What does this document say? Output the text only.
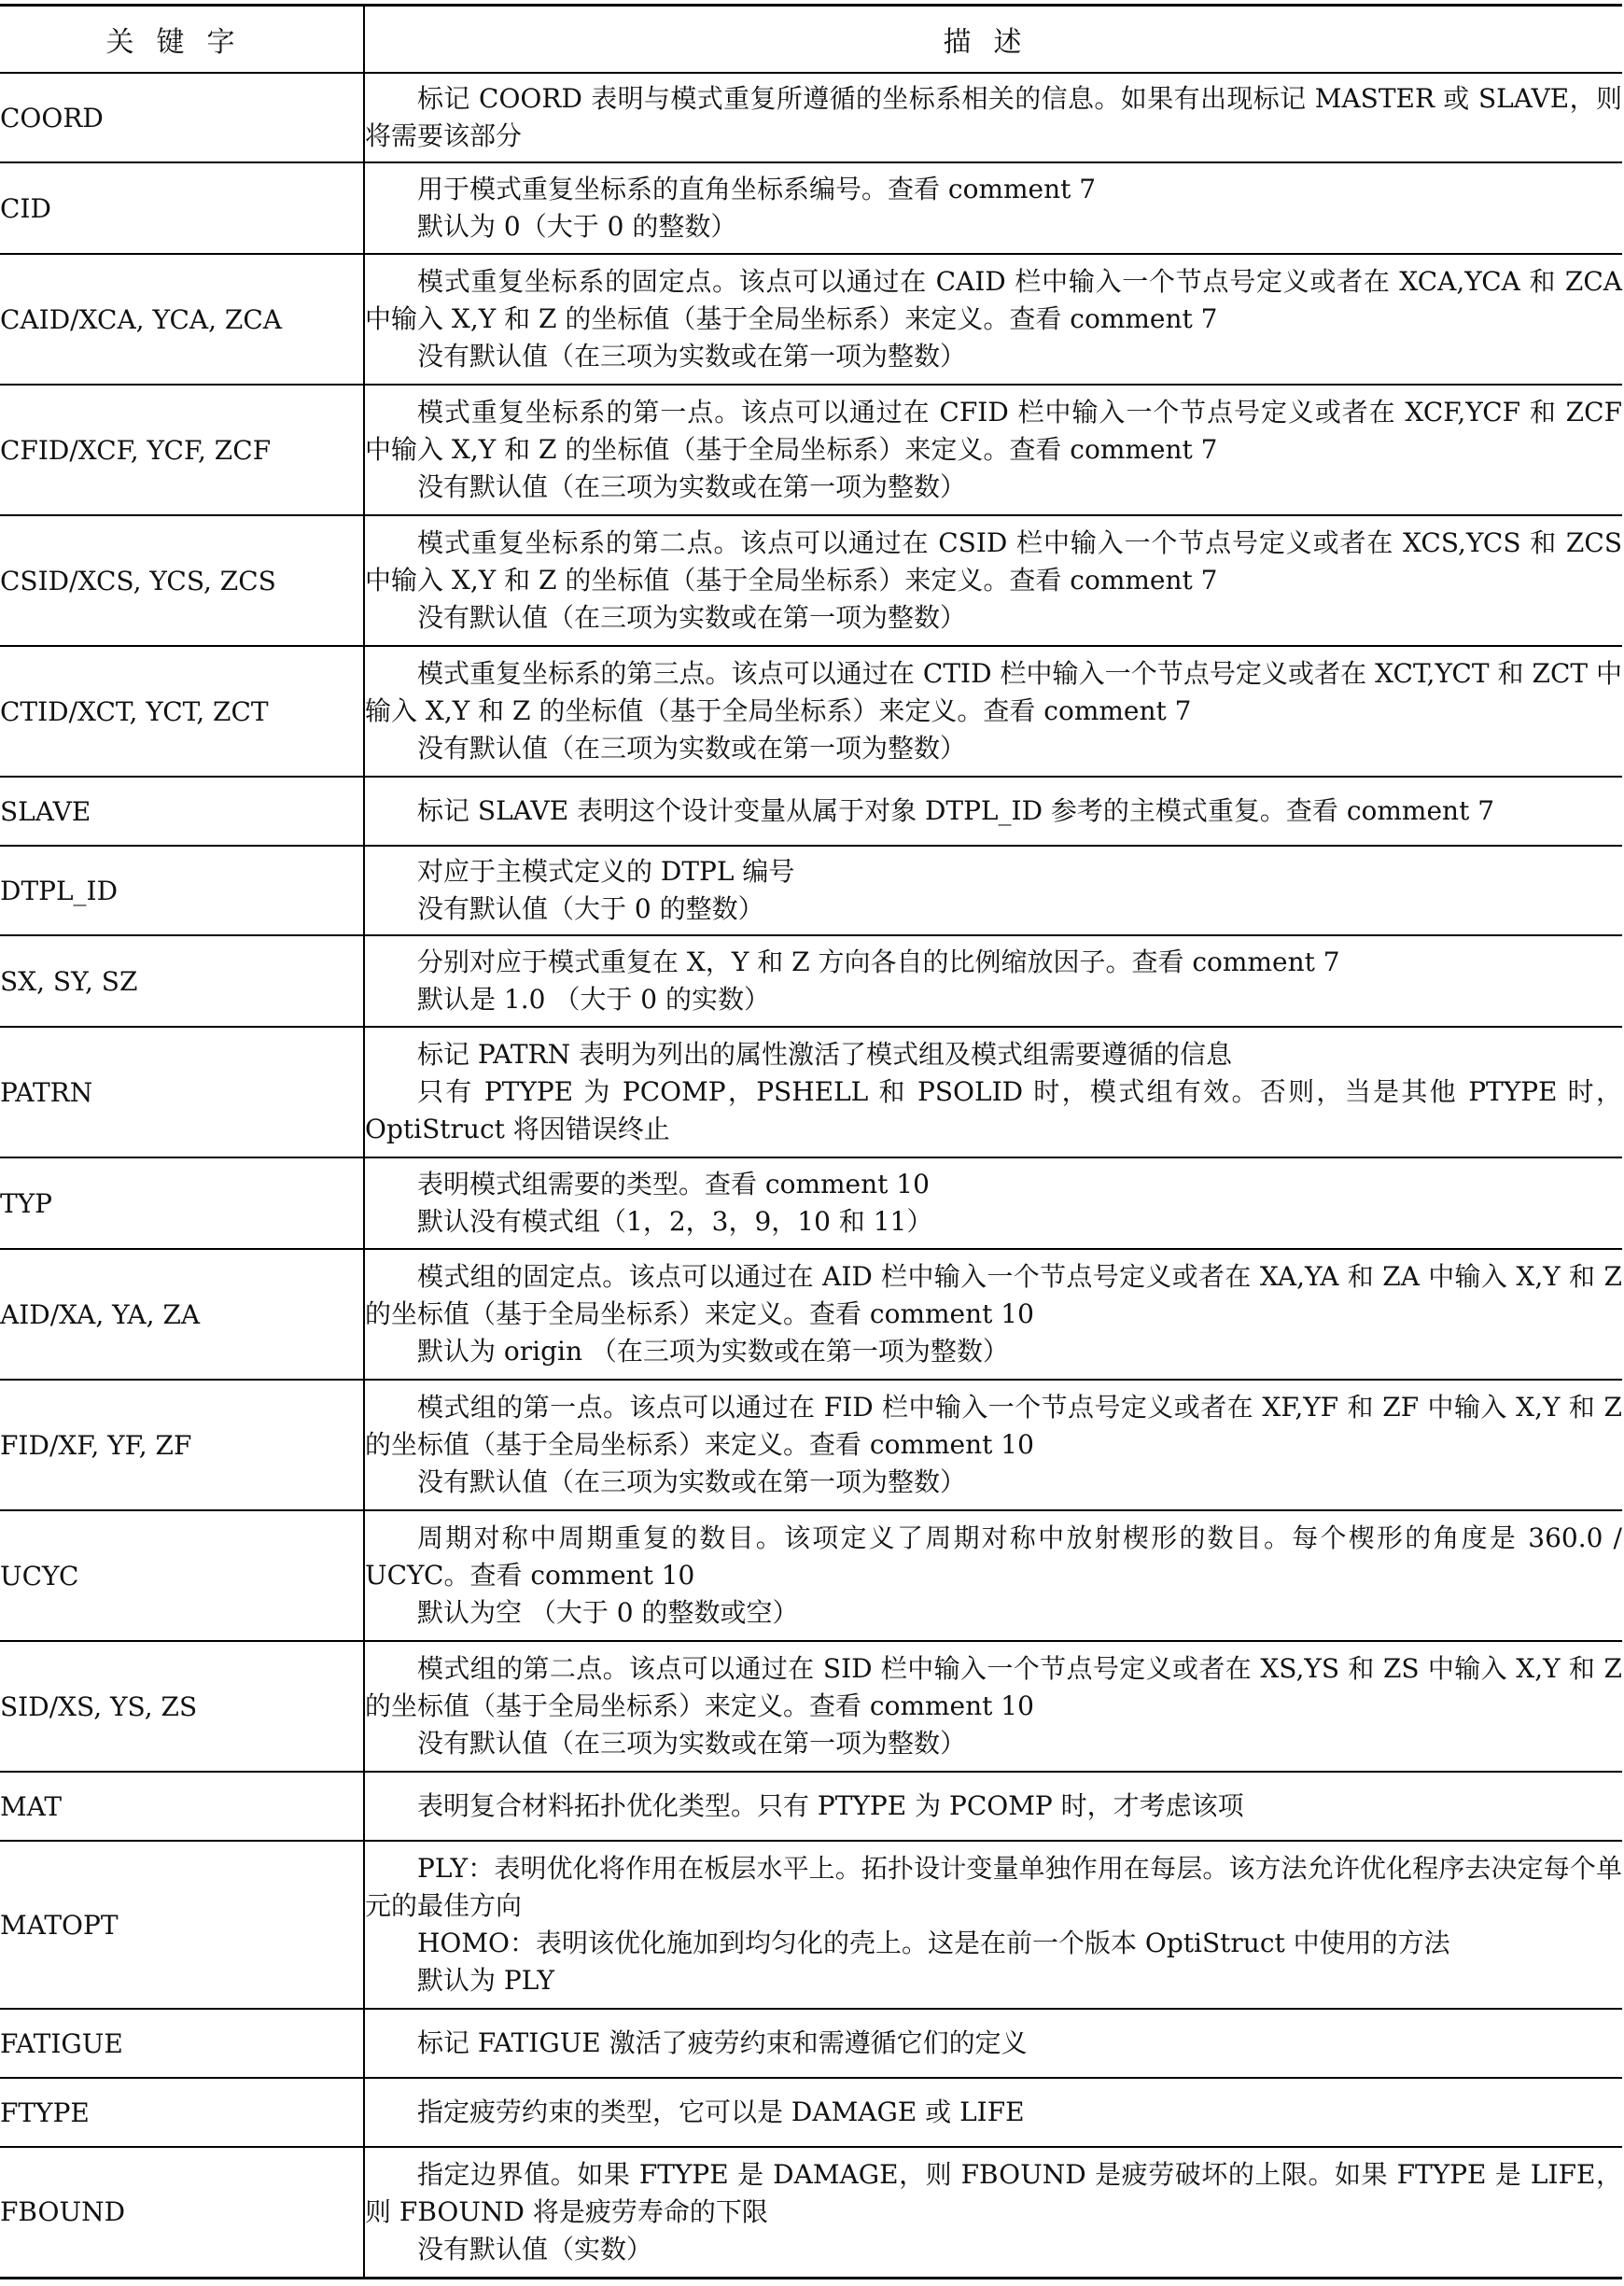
关键字	描述
COORD	标记 COORD 表明与模式重复所遵循的坐标系相关的信息。如果有出现标记 MASTER 或 SLAVE，则将需要该部分

CID	用于模式重复坐标系的直角坐标系编号。查看 comment 7
默认为 0（大于 0 的整数）

CAID/XCA, YCA, ZCA	模式重复坐标系的固定点。该点可以通过在 CAID 栏中输入一个节点号定义或者在 XCA,YCA 和 ZCA 中输入 X,Y 和 Z 的坐标值（基于全局坐标系）来定义。查看 comment 7
没有默认值（在三项为实数或在第一项为整数）

CFID/XCF, YCF, ZCF	模式重复坐标系的第一点。该点可以通过在 CFID 栏中输入一个节点号定义或者在 XCF,YCF 和 ZCF 中输入 X,Y 和 Z 的坐标值（基于全局坐标系）来定义。查看 comment 7
没有默认值（在三项为实数或在第一项为整数）

CSID/XCS, YCS, ZCS	模式重复坐标系的第二点。该点可以通过在 CSID 栏中输入一个节点号定义或者在 XCS,YCS 和 ZCS 中输入 X,Y 和 Z 的坐标值（基于全局坐标系）来定义。查看 comment 7
没有默认值（在三项为实数或在第一项为整数）

CTID/XCT, YCT, ZCT	模式重复坐标系的第三点。该点可以通过在 CTID 栏中输入一个节点号定义或者在 XCT,YCT 和 ZCT 中输入 X,Y 和 Z 的坐标值（基于全局坐标系）来定义。查看 comment 7
没有默认值（在三项为实数或在第一项为整数）

SLAVE	标记 SLAVE 表明这个设计变量从属于对象 DTPL_ID 参考的主模式重复。查看 comment 7

DTPL_ID	对应于主模式定义的 DTPL 编号
没有默认值（大于 0 的整数）

SX, SY, SZ	分别对应于模式重复在 X，Y 和 Z 方向各自的比例缩放因子。查看 comment 7
默认是 1.0 （大于 0 的实数）

PATRN	标记 PATRN 表明为列出的属性激活了模式组及模式组需要遵循的信息
只有 PTYPE 为 PCOMP，PSHELL 和 PSOLID 时，模式组有效。否则，当是其他 PTYPE 时，OptiStruct 将因错误终止

TYP	表明模式组需要的类型。查看 comment 10
默认没有模式组（1，2，3，9，10 和 11）

AID/XA, YA, ZA	模式组的固定点。该点可以通过在 AID 栏中输入一个节点号定义或者在 XA,YA 和 ZA 中输入 X,Y 和 Z 的坐标值（基于全局坐标系）来定义。查看 comment 10
默认为 origin （在三项为实数或在第一项为整数）

FID/XF, YF, ZF	模式组的第一点。该点可以通过在 FID 栏中输入一个节点号定义或者在 XF,YF 和 ZF 中输入 X,Y 和 Z 的坐标值（基于全局坐标系）来定义。查看 comment 10
没有默认值（在三项为实数或在第一项为整数）

UCYC	周期对称中周期重复的数目。该项定义了周期对称中放射楔形的数目。每个楔形的角度是 360.0 / UCYC。查看 comment 10
默认为空 （大于 0 的整数或空）

SID/XS, YS, ZS	模式组的第二点。该点可以通过在 SID 栏中输入一个节点号定义或者在 XS,YS 和 ZS 中输入 X,Y 和 Z 的坐标值（基于全局坐标系）来定义。查看 comment 10
没有默认值（在三项为实数或在第一项为整数）

MAT	表明复合材料拓扑优化类型。只有 PTYPE 为 PCOMP 时，才考虑该项

MATOPT	PLY：表明优化将作用在板层水平上。拓扑设计变量单独作用在每层。该方法允许优化程序去决定每个单元的最佳方向
HOMO：表明该优化施加到均匀化的壳上。这是在前一个版本 OptiStruct 中使用的方法
默认为 PLY

FATIGUE	标记 FATIGUE 激活了疲劳约束和需遵循它们的定义

FTYPE	指定疲劳约束的类型，它可以是 DAMAGE 或 LIFE

FBOUND	指定边界值。如果 FTYPE 是 DAMAGE，则 FBOUND 是疲劳破坏的上限。如果 FTYPE 是 LIFE，则 FBOUND 将是疲劳寿命的下限
没有默认值（实数）
